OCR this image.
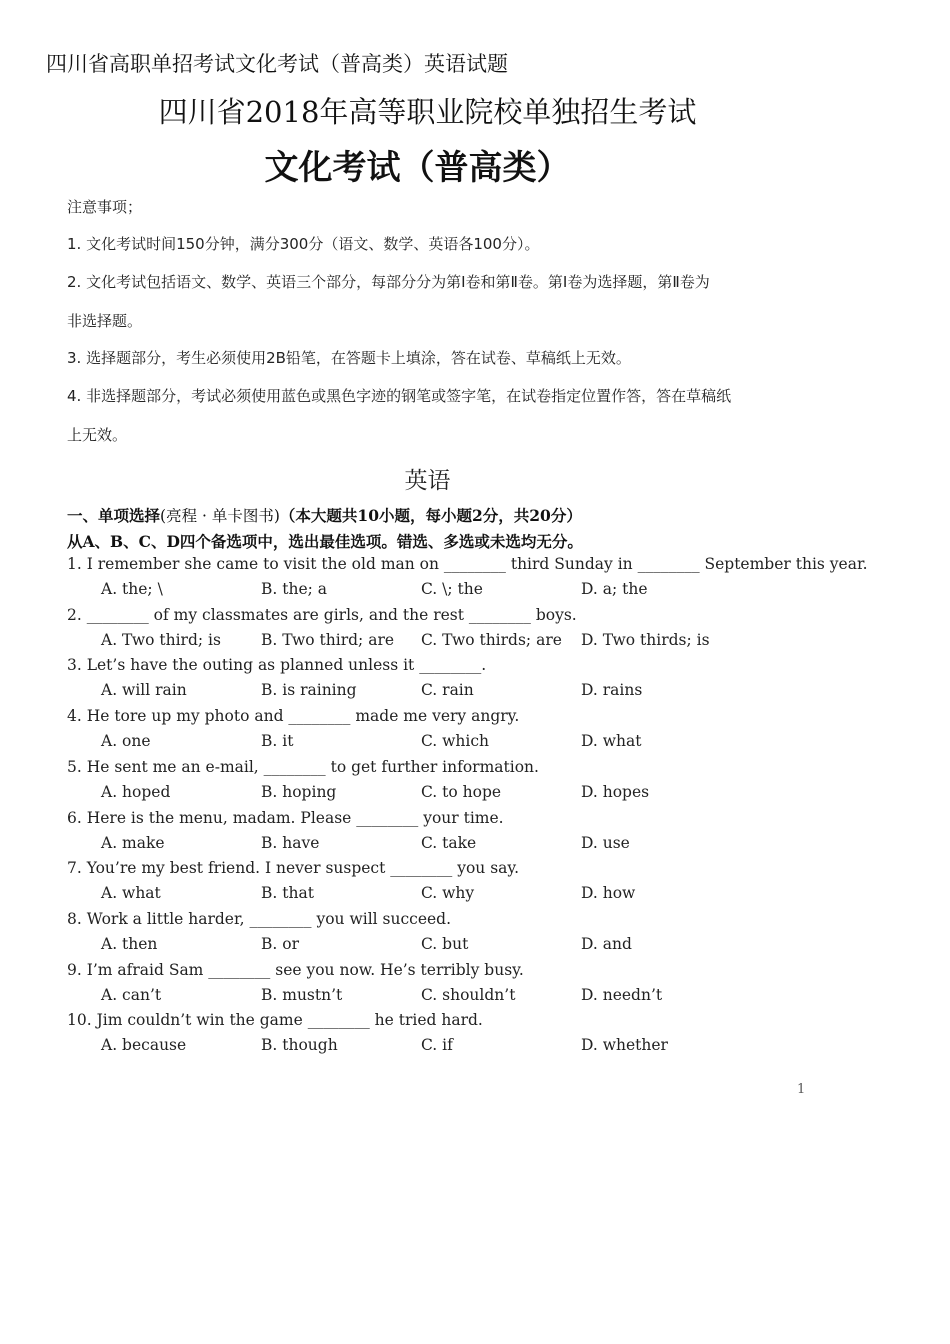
四川省高职单招考试文化考试（普高类）英语试题
四川省2018年高等职业院校单独招生考试
文化考试（普高类）
注意事项；
1. 文化考试时间150分钟，满分300分（语文、数学、英语各100分）。
2. 文化考试包括语文、数学、英语三个部分，每部分分为第Ⅰ卷和第Ⅱ卷。第Ⅰ卷为选择题，第Ⅱ卷为
非选择题。
3. 选择题部分，考生必须使用2B铅笔，在答题卡上填涂，答在试卷、草稿纸上无效。
4. 非选择题部分，考试必须使用蓝色或黑色字迹的钢笔或签字笔，在试卷指定位置作答，答在草稿纸
上无效。
英语
一、单项选择(亮程 · 单卡图书)（本大题共10小题，每小题2分，共20分）
从A、B、C、D四个备选项中，选出最佳选项。错选、多选或未选均无分。
1. I remember she came to visit the old man on ________ third Sunday in ________ September this year.
A. the; \	B. the; a	C. \; the	D. a; the
2. ________ of my classmates are girls, and the rest ________ boys.
A. Two third; is	B. Two third; are C. Two thirds; are D. Two thirds; is
3. Let’s have the outing as planned unless it ________.
A. will rain	B. is raining	C. rain	D. rains
4. He tore up my photo and ________ made me very angry.
A. one	B. it	C. which	D. what
5. He sent me an e-mail, ________ to get further information.
A. hoped	B. hoping	C. to hope	D. hopes
6. Here is the menu, madam. Please ________ your time.
A. make	B. have	C. take	D. use
7. You’re my best friend. I never suspect ________ you say.
A. what	B. that	C. why	D. how
8. Work a little harder, ________ you will succeed.
A. then	B. or	C. but	D. and
9. I’m afraid Sam ________ see you now. He’s terribly busy.
A. can’t	B. mustn’t	C. shouldn’t	D. needn’t
10. Jim couldn’t win the game ________ he tried hard.
A. because	B. though	C. if	D. whether
1
